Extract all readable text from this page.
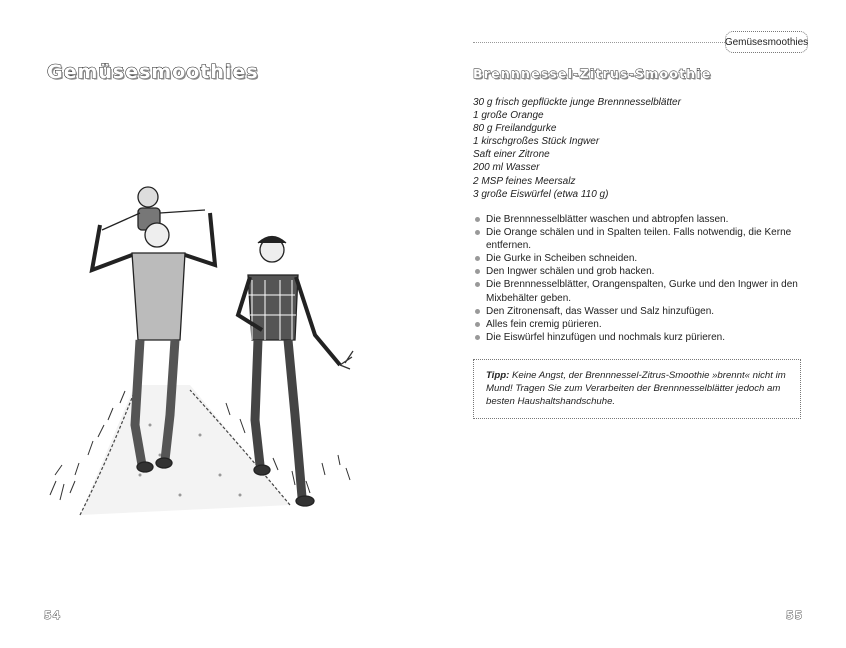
Gemüsesmoothies
54
Gemüsesmoothies
Brennnessel-Zitrus-Smoothie
30 g frisch gepflückte junge Brennnesselblätter
1 große Orange
80 g Freilandgurke
1 kirschgroßes Stück Ingwer
Saft einer Zitrone
200 ml Wasser
2 MSP feines Meersalz
3 große Eiswürfel (etwa 110 g)
Die Brennnesselblätter waschen und abtropfen lassen.
Die Orange schälen und in Spalten teilen. Falls notwendig, die Kerne entfernen.
Die Gurke in Scheiben schneiden.
Den Ingwer schälen und grob hacken.
Die Brennnesselblätter, Orangenspalten, Gurke und den Ingwer in den Mixbehälter geben.
Den Zitronensaft, das Wasser und Salz hinzufügen.
Alles fein cremig pürieren.
Die Eiswürfel hinzufügen und nochmals kurz pürieren.
Tipp: Keine Angst, der Brennnessel-Zitrus-Smoothie »brennt« nicht im Mund! Tragen Sie zum Verarbeiten der Brennnesselblätter jedoch am besten Haushaltshandschuhe.
55
